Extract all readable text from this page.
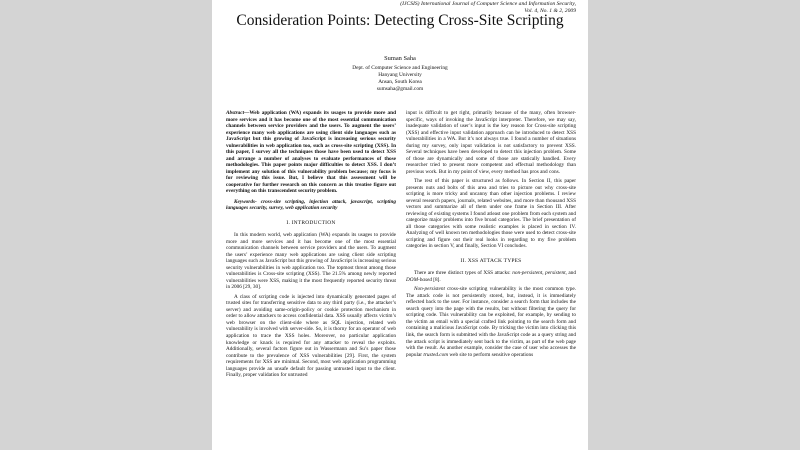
(IJCSIS) International Journal of Computer Science and Information Security,
Vol. 4, No. 1 & 2, 2009
Consideration Points: Detecting Cross-Site Scripting
Suman Saha
Dept. of Computer Science and Engineering
Hanyang University
Ansan, South Korea
sumsaha@gmail.com

Abstract—Web application (WA) expands its usages to provide more and more services and it has become one of the most essential communication channels between service providers and the users. To augment the users’ experience many web applications are using client side languages such as JavaScript but this growing of JavaScript is increasing serious security vulnerabilities in web application too, such as cross-site scripting (XSS). In this paper, I survey all the techniques those have been used to detect XSS and arrange a number of analyses to evaluate performances of those methodologies. This paper points major difficulties to detect XSS. I don’t implement any solution of this vulnerability problem because; my focus is for reviewing this issue. But, I believe that this assessment will be cooperative for further research on this concern as this treatise figure out everything on this transcendent security problem.

Keywords- cross-site scripting, injection attack, javascript, scripting languages security, survey, web application security

I. INTRODUCTION

In this modern world, web application (WA) expands its usages to provide more and more services and it has become one of the most essential communication channels between service providers and the users. To augment the users’ experience many web applications are using client side scripting languages such as JavaScript but this growing of JavaScript is increasing serious security vulnerabilities in web application too. The topmost threat among those vulnerabilities is Cross-site scripting (XSS). The 21.5% among newly reported vulnerabilities were XSS, making it the most frequently reported security threat in 2006 [29, 30].

A class of scripting code is injected into dynamically generated pages of trusted sites for transferring sensitive data to any third party (i.e., the attacker’s server) and avoiding same-origin-policy or cookie protection mechanism in order to allow attackers to access confidential data. XSS usually affects victim’s web browser on the client-side where as SQL injection, related web vulnerability is involved with server-side. So, it is thorny for an operator of web application to trace the XSS holes. Moreover, no particular application knowledge or knack is required for any attacker to reveal the exploits. Additionally, several factors figure out in Wassermann and Su’s paper those contribute to the prevalence of XSS vulnerabilities [29]. First, the system requirements for XSS are minimal. Second, most web application programming languages provide an unsafe default for passing untrusted input to the client. Finally, proper validation for untrusted

input is difficult to get right, primarily because of the many, often browser-specific, ways of invoking the JavaScript interpreter. Therefore, we may say, inadequate validation of user’s input is the key reason for Cross-site scripting (XSS) and effective input validation approach can be introduced to detect XSS vulnerabilities in a WA. But it’s not always true. I found a number of situations during my survey, only input validation is not satisfactory to prevent XSS. Several techniques have been developed to detect this injection problem. Some of those are dynamically and some of those are statically handled. Every researcher tried to present more competent and effectual methodology than previous work. But in my point of view, every method has pros and cons.

The rest of this paper is structured as follows. In Section II, this paper presents nuts and bolts of this area and tries to picture out why cross-site scripting is more tricky and uncanny than other injection problems. I review several research papers, journals, related websites, and more than thousand XSS vectors and summarize all of them under one frame in Section III. After reviewing of existing systems I found atleast one problem from each system and categorize major problems into five broad categories. The brief presentation of all those categories with some realistic examples is placed in section IV. Analyzing of well known ten methodologies those were used to detect cross-site scripting and figure out their real looks in regarding to my five problem categories in section V, and finally, Section VI concludes.

II. XSS ATTACK TYPES

There are three distinct types of XSS attacks: non-persistent, persistent, and DOM-based [8].

Non-persistent cross-site scripting vulnerability is the most common type. The attack code is not persistently stored, but, instead, it is immediately reflected back to the user. For instance, consider a search form that includes the search query into the page with the results, but without filtering the query for scripting code. This vulnerability can be exploited, for example, by sending to the victim an email with a special crafted link pointing to the search form and containing a malicious JavaScript code. By tricking the victim into clicking this link, the search form is submitted with the JavaScript code as a query string and the attack script is immediately sent back to the victim, as part of the web page with the result. As another example, consider the case of user who accesses the popular trusted.com web site to perform sensitive operations
